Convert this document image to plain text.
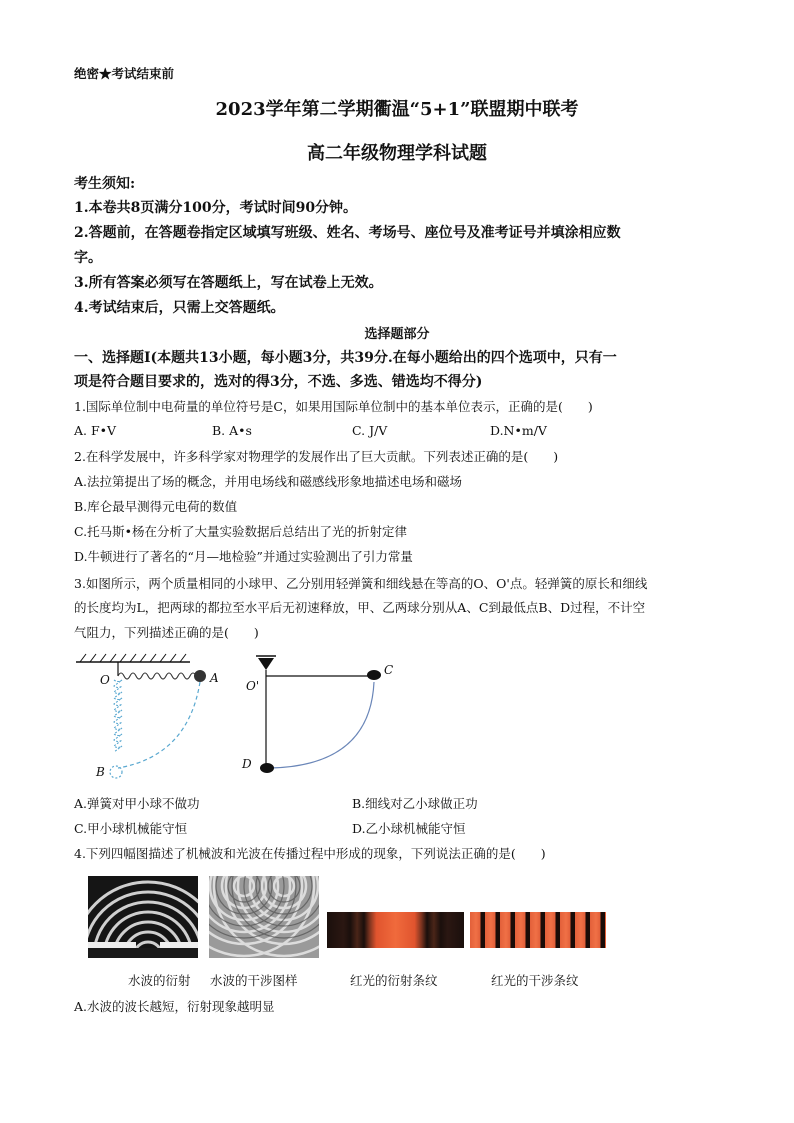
绝密★考试结束前
2023学年第二学期衢温“5+1”联盟期中联考
高二年级物理学科试题
考生须知:
1.本卷共8页满分100分，考试时间90分钟。
2.答题前，在答题卷指定区域填写班级、姓名、考场号、座位号及准考证号并填涂相应数
字。
3.所有答案必须写在答题纸上，写在试卷上无效。
4.考试结束后，只需上交答题纸。
选择题部分
一、选择题Ⅰ(本题共13小题，每小题3分，共39分.在每小题给出的四个选项中，只有一
项是符合题目要求的，选对的得3分，不选、多选、错选均不得分)
1.国际单位制中电荷量的单位符号是C，如果用国际单位制中的基本单位表示，正确的是(　　)
A. F•V	B. A•s	C. J/V	D.N•m/V
2.在科学发展中，许多科学家对物理学的发展作出了巨大贡献。下列表述正确的是(　　)
A.法拉第提出了场的概念，并用电场线和磁感线形象地描述电场和磁场
B.库仑最早测得元电荷的数值
C.托马斯•杨在分析了大量实验数据后总结出了光的折射定律
D.牛顿进行了著名的“月—地检验”并通过实验测出了引力常量
3.如图所示，两个质量相同的小球甲、乙分别用轻弹簧和细线悬在等高的O、O'点。轻弹簧的原长和细线
的长度均为L，把两球的都拉至水平后无初速释放，甲、乙两球分别从A、C到最低点B、D过程，不计空
气阻力，下列描述正确的是(　　)
A
O
B
O'
C
D
A.弹簧对甲小球不做功	B.细线对乙小球做正功
C.甲小球机械能守恒	D.乙小球机械能守恒
4.下列四幅图描述了机械波和光波在传播过程中形成的现象，下列说法正确的是(　　)
水波的衍射 水波的干涉图样	红光的衍射条纹	红光的干涉条纹
A.水波的波长越短，衍射现象越明显
